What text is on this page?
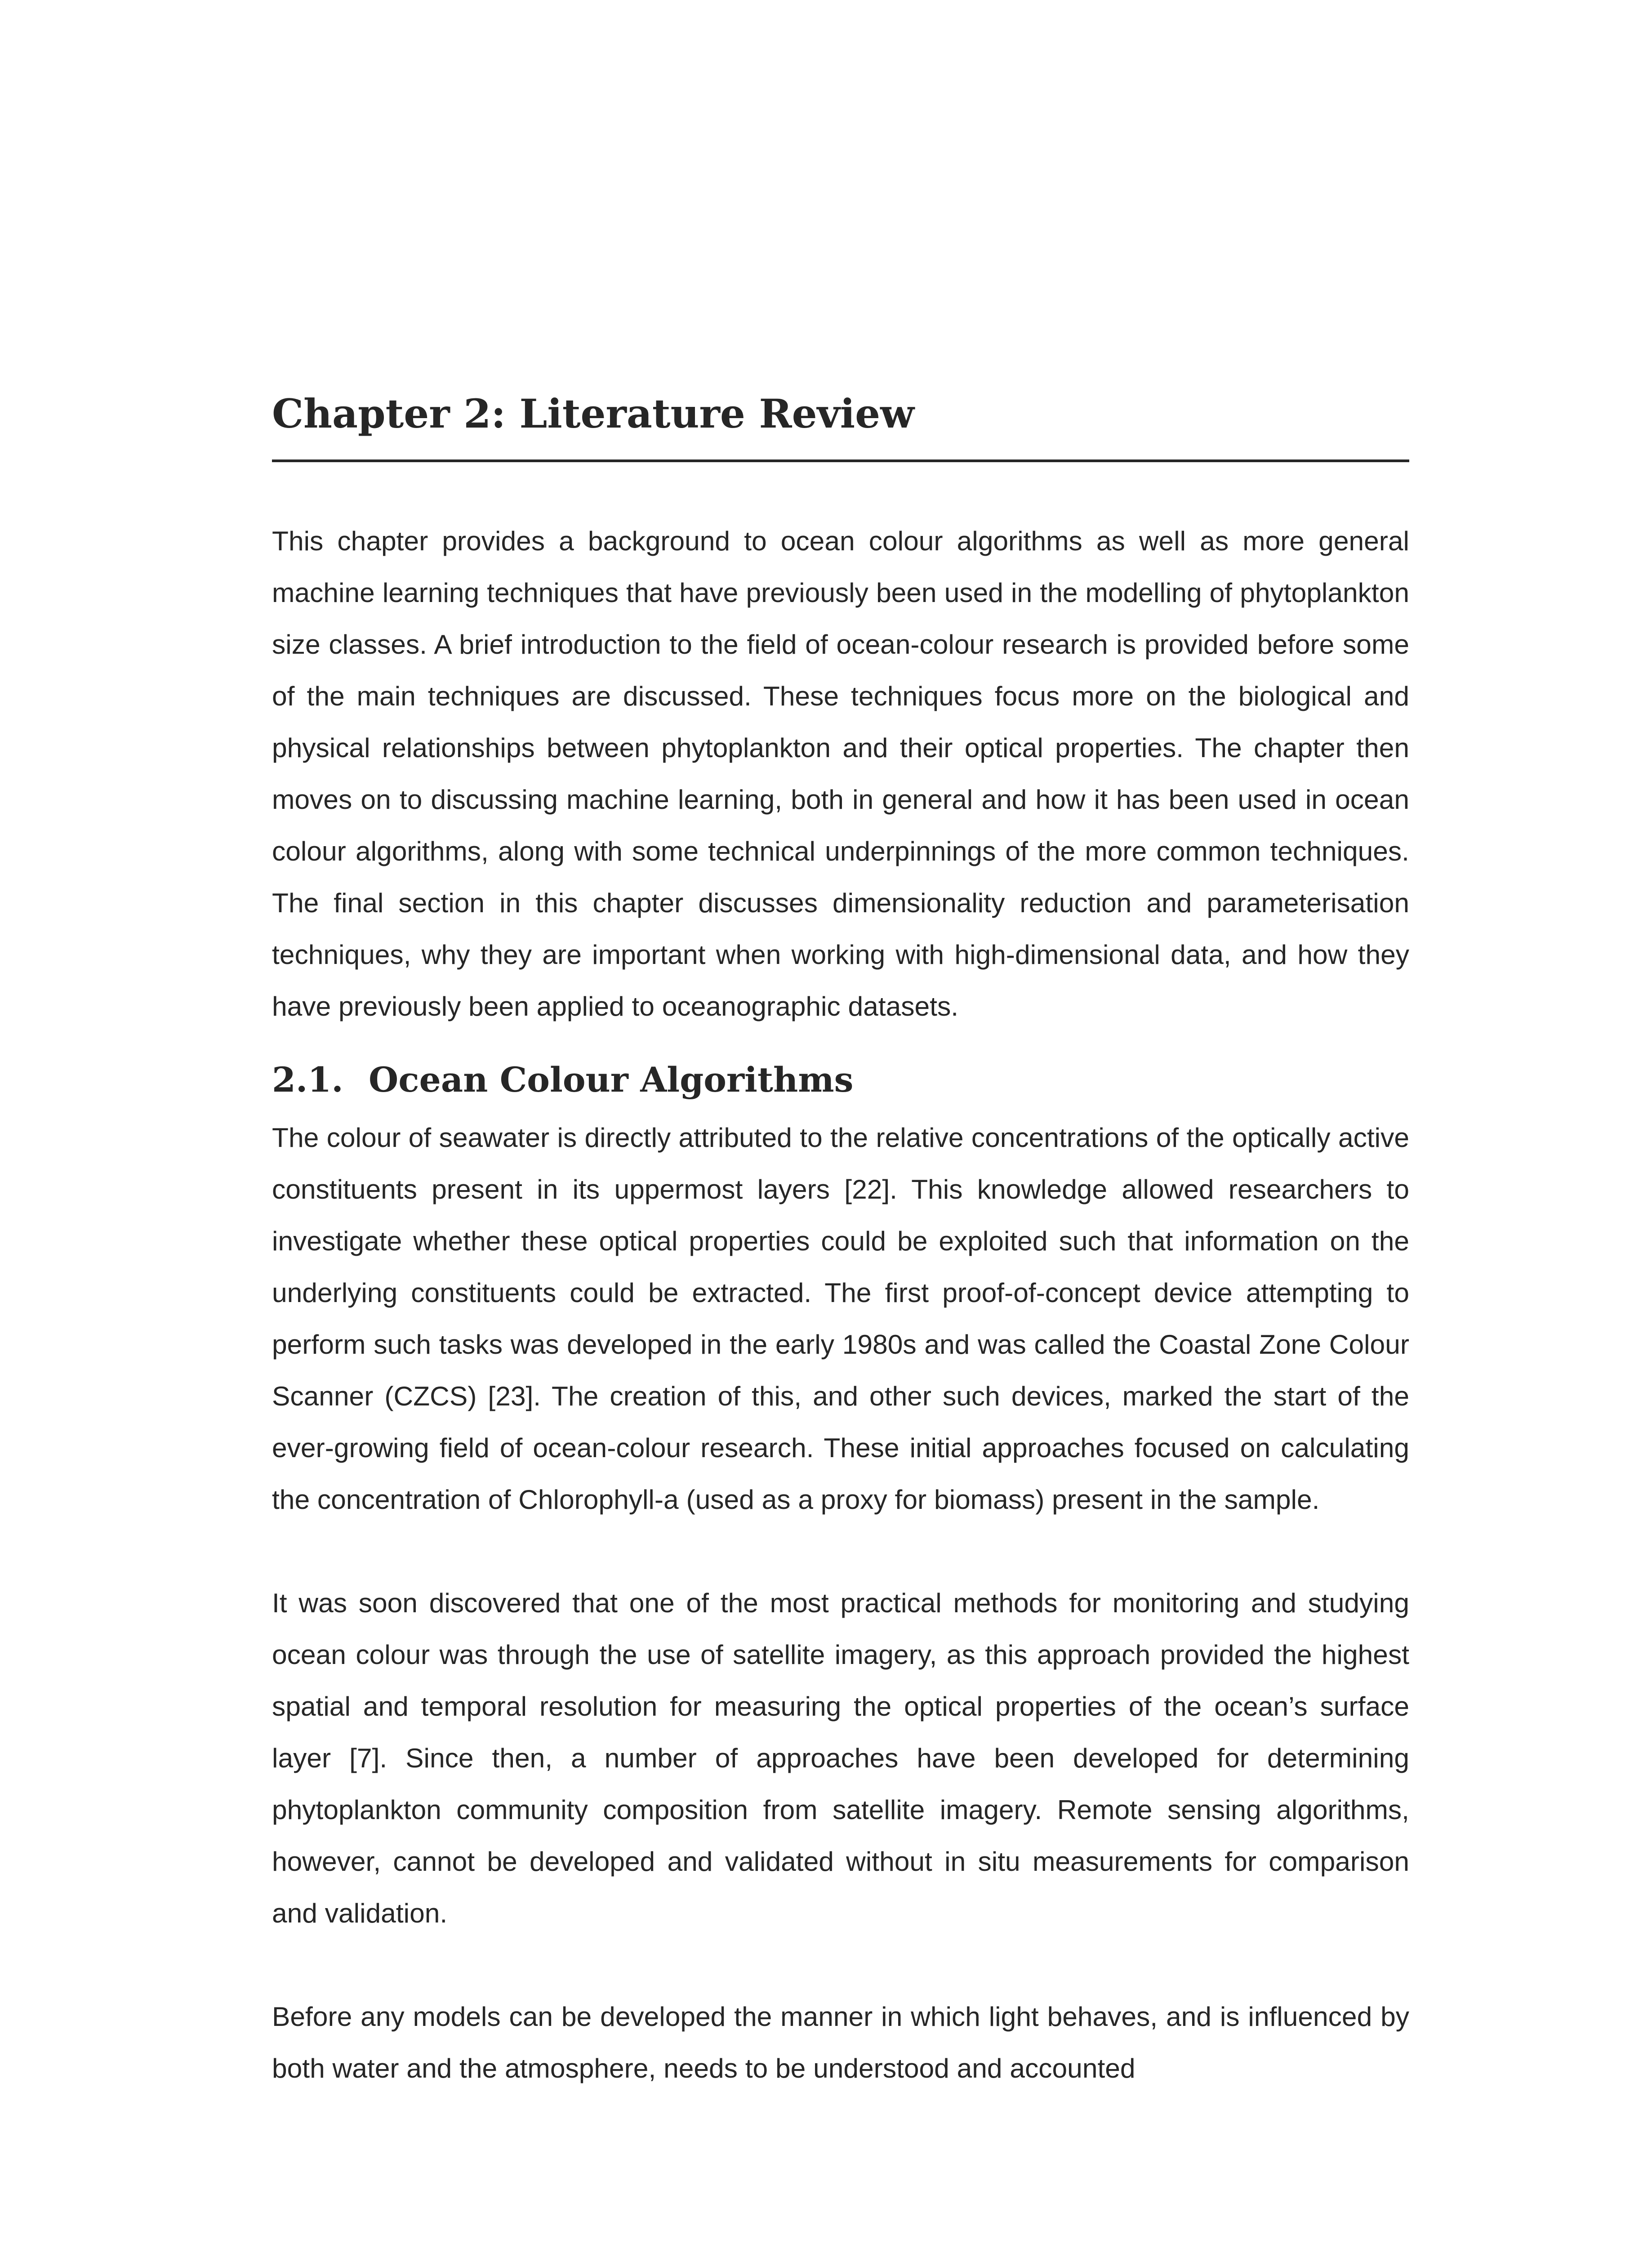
Chapter 2: Literature Review

This chapter provides a background to ocean colour algorithms as well as more general machine learning techniques that have previously been used in the modelling of phytoplankton size classes. A brief introduction to the field of ocean-colour research is provided before some of the main techniques are discussed. These techniques focus more on the biological and physical relationships between phytoplankton and their optical properties. The chapter then moves on to discussing machine learning, both in general and how it has been used in ocean colour algorithms, along with some technical underpinnings of the more common techniques. The final section in this chapter discusses dimensionality reduction and parameterisation techniques, why they are important when working with high-dimensional data, and how they have previously been applied to oceanographic datasets.

2.1. Ocean Colour Algorithms

The colour of seawater is directly attributed to the relative concentrations of the optically active constituents present in its uppermost layers [22]. This knowledge allowed researchers to investigate whether these optical properties could be exploited such that information on the underlying constituents could be extracted. The first proof-of-concept device attempting to perform such tasks was developed in the early 1980s and was called the Coastal Zone Colour Scanner (CZCS) [23]. The creation of this, and other such devices, marked the start of the ever-growing field of ocean-colour research. These initial approaches focused on calculating the concentration of Chlorophyll-a (used as a proxy for biomass) present in the sample.

It was soon discovered that one of the most practical methods for monitoring and studying ocean colour was through the use of satellite imagery, as this approach provided the highest spatial and temporal resolution for measuring the optical properties of the ocean’s surface layer [7]. Since then, a number of approaches have been developed for determining phytoplankton community composition from satellite imagery. Remote sensing algorithms, however, cannot be developed and validated without in situ measurements for comparison and validation.

Before any models can be developed the manner in which light behaves, and is influenced by both water and the atmosphere, needs to be understood and accounted
